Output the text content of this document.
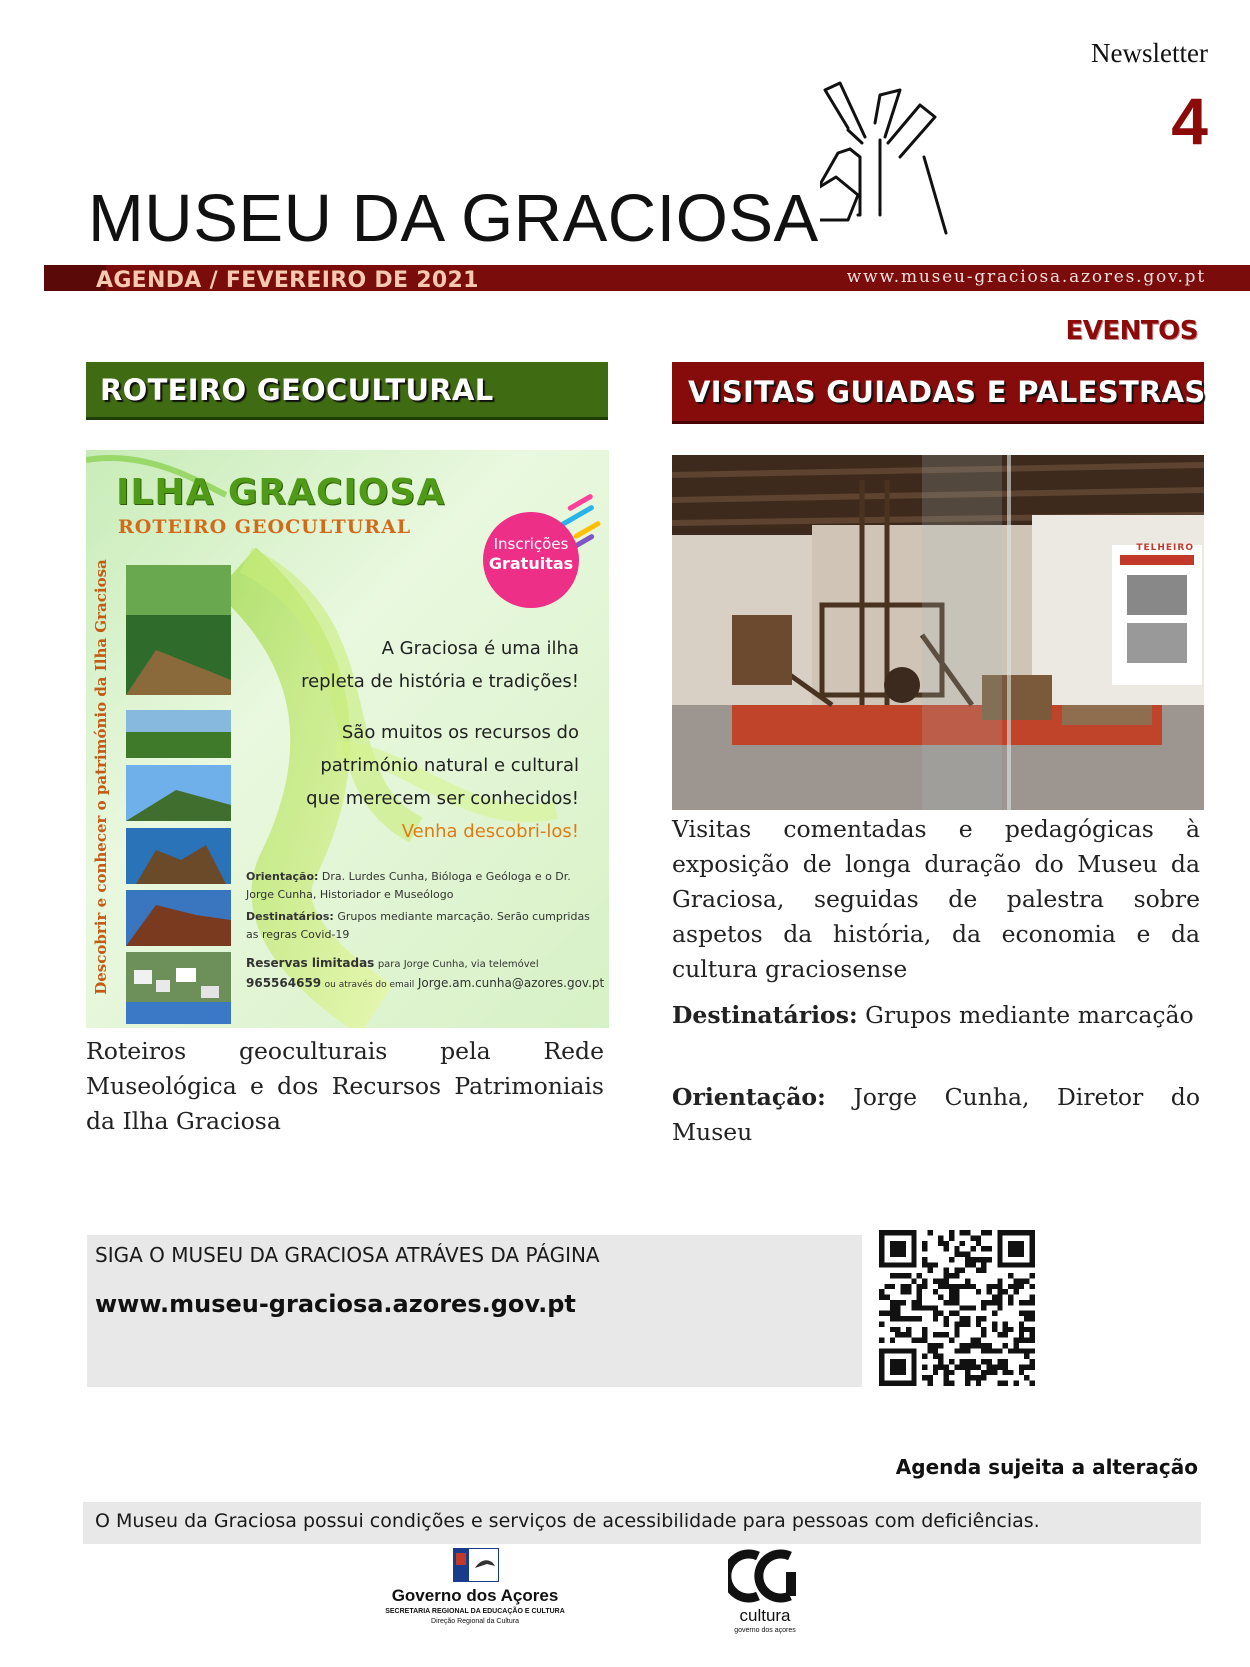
Newsletter
4
MUSEU DA GRACIOSA
AGENDA / FEVEREIRO DE 2021	www.museu-graciosa.azores.gov.pt
EVENTOS
ROTEIRO GEOCULTURAL	VISITAS GUIADAS E PALESTRAS
ILHA GRACIOSA
ROTEIRO GEOCULTURAL
Descobrir e conhecer o património da Ilha Graciosa
Inscrições
Gratuitas
A Graciosa é uma ilha
repleta de história e tradições!
São muitos os recursos do
património natural e cultural
que merecem ser conhecidos!
Venha descobri-los!
Orientação: Dra. Lurdes Cunha, Bióloga e Geóloga e o Dr.
Jorge Cunha, Historiador e Museólogo
Destinatários: Grupos mediante marcação. Serão cumpridas
as regras Covid-19
Reservas limitadas para Jorge Cunha, via telemóvel
965564659 ou através do email Jorge.am.cunha@azores.gov.pt
Roteiros geoculturais pela Rede Museológica e dos Recursos Patrimoniais da Ilha Graciosa
TELHEIRO
Visitas comentadas e pedagógicas à exposição de longa duração do Museu da Graciosa, seguidas de palestra sobre aspetos da história, da economia e da cultura graciosense
Destinatários: Grupos mediante marcação
Orientação: Jorge Cunha, Diretor do Museu
SIGA O MUSEU DA GRACIOSA ATRÁVES DA PÁGINA
www.museu-graciosa.azores.gov.pt
Agenda sujeita a alteração
O Museu da Graciosa possui condições e serviços de acessibilidade para pessoas com deficiências.
Governo dos Açores
SECRETARIA REGIONAL DA EDUCAÇÃO E CULTURA
Direção Regional da Cultura	cultura
governo dos açores
